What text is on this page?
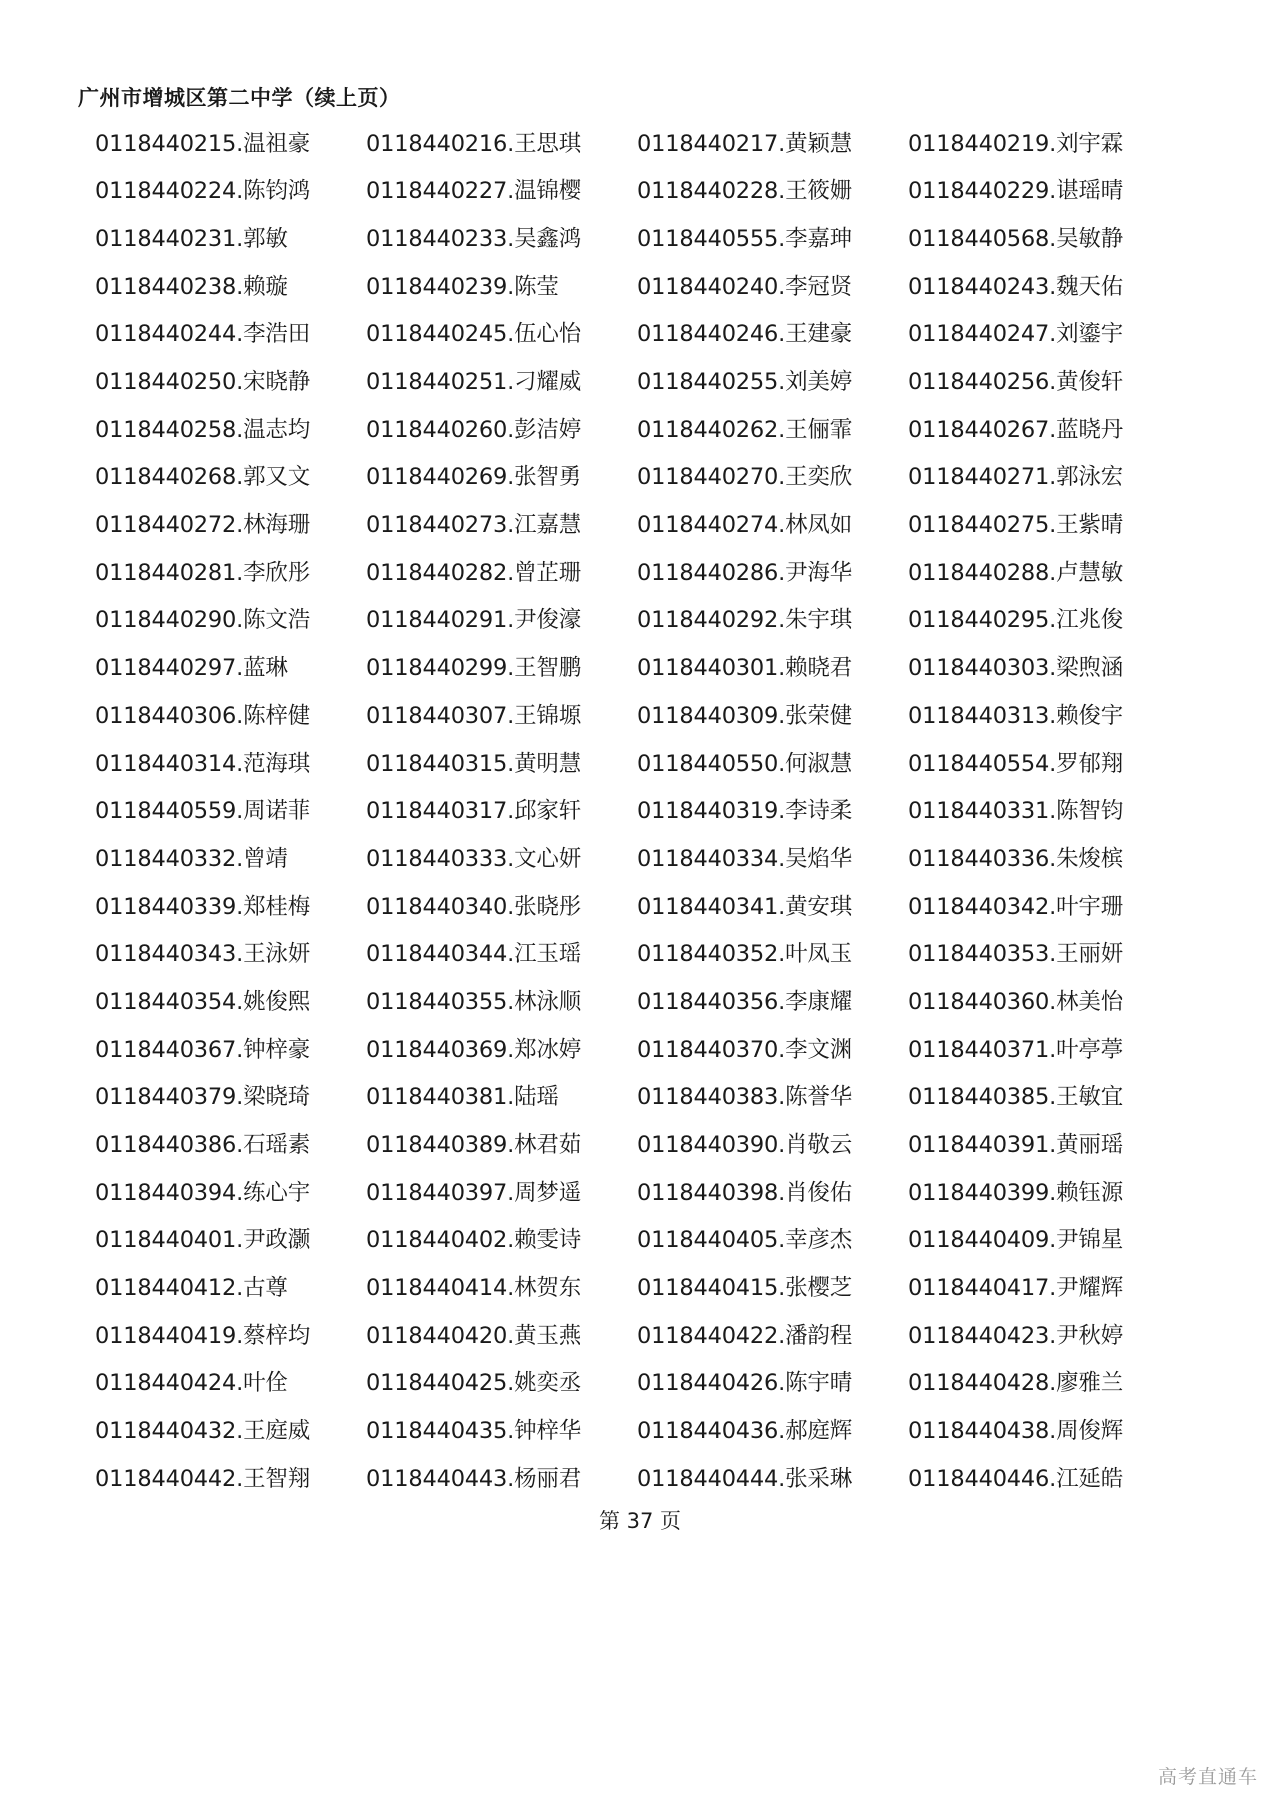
广州市增城区第二中学（续上页）
0118440215.温祖豪	0118440216.王思琪	0118440217.黄颖慧	0118440219.刘宇霖
0118440224.陈钧鸿	0118440227.温锦樱	0118440228.王筱姗	0118440229.谌瑶晴
0118440231.郭敏	0118440233.吴鑫鸿	0118440555.李嘉珅	0118440568.吴敏静
0118440238.赖璇	0118440239.陈莹	0118440240.李冠贤	0118440243.魏天佑
0118440244.李浩田	0118440245.伍心怡	0118440246.王建豪	0118440247.刘鎏宇
0118440250.宋晓静	0118440251.刁耀威	0118440255.刘美婷	0118440256.黄俊轩
0118440258.温志均	0118440260.彭洁婷	0118440262.王俪霏	0118440267.蓝晓丹
0118440268.郭又文	0118440269.张智勇	0118440270.王奕欣	0118440271.郭泳宏
0118440272.林海珊	0118440273.江嘉慧	0118440274.林凤如	0118440275.王紫晴
0118440281.李欣彤	0118440282.曾芷珊	0118440286.尹海华	0118440288.卢慧敏
0118440290.陈文浩	0118440291.尹俊濠	0118440292.朱宇琪	0118440295.江兆俊
0118440297.蓝琳	0118440299.王智鹏	0118440301.赖晓君	0118440303.梁煦涵
0118440306.陈梓健	0118440307.王锦塬	0118440309.张荣健	0118440313.赖俊宇
0118440314.范海琪	0118440315.黄明慧	0118440550.何淑慧	0118440554.罗郁翔
0118440559.周诺菲	0118440317.邱家轩	0118440319.李诗柔	0118440331.陈智钧
0118440332.曾靖	0118440333.文心妍	0118440334.吴焰华	0118440336.朱焌槟
0118440339.郑桂梅	0118440340.张晓彤	0118440341.黄安琪	0118440342.叶宇珊
0118440343.王泳妍	0118440344.江玉瑶	0118440352.叶凤玉	0118440353.王丽妍
0118440354.姚俊熙	0118440355.林泳顺	0118440356.李康耀	0118440360.林美怡
0118440367.钟梓豪	0118440369.郑冰婷	0118440370.李文渊	0118440371.叶亭葶
0118440379.梁晓琦	0118440381.陆瑶	0118440383.陈誉华	0118440385.王敏宜
0118440386.石瑶素	0118440389.林君茹	0118440390.肖敬云	0118440391.黄丽瑶
0118440394.练心宇	0118440397.周梦遥	0118440398.肖俊佑	0118440399.赖钰源
0118440401.尹政灏	0118440402.赖雯诗	0118440405.幸彦杰	0118440409.尹锦星
0118440412.古尊	0118440414.林贺东	0118440415.张樱芝	0118440417.尹耀辉
0118440419.蔡梓均	0118440420.黄玉燕	0118440422.潘韵程	0118440423.尹秋婷
0118440424.叶佺	0118440425.姚奕丞	0118440426.陈宇晴	0118440428.廖雅兰
0118440432.王庭威	0118440435.钟梓华	0118440436.郝庭辉	0118440438.周俊辉
0118440442.王智翔	0118440443.杨丽君	0118440444.张采琳	0118440446.江延皓
第 37 页
高考直通车
